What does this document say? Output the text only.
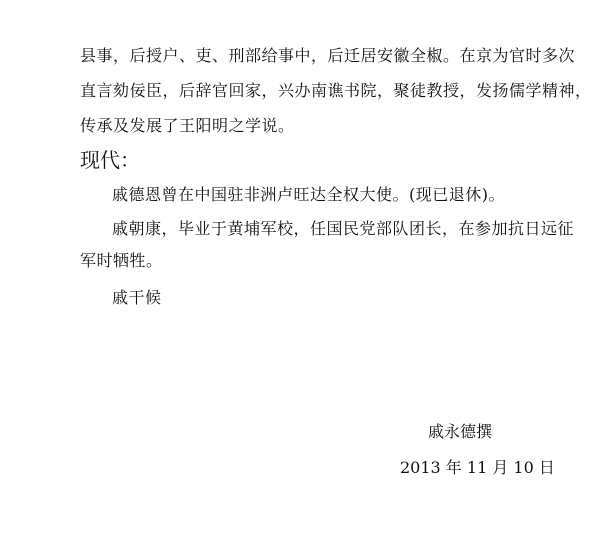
县事，后授户、吏、刑部给事中，后迁居安徽全椒。在京为官时多次
直言劾佞臣，后辞官回家，兴办南谯书院，聚徒教授，发扬儒学精神，
传承及发展了王阳明之学说。
现代：
戚德恩曾在中国驻非洲卢旺达全权大使。(现已退休)。
戚朝康，毕业于黄埔军校，任国民党部队团长，在参加抗日远征
军时牺牲。
戚干候
戚永德撰
2013 年 11 月 10 日
